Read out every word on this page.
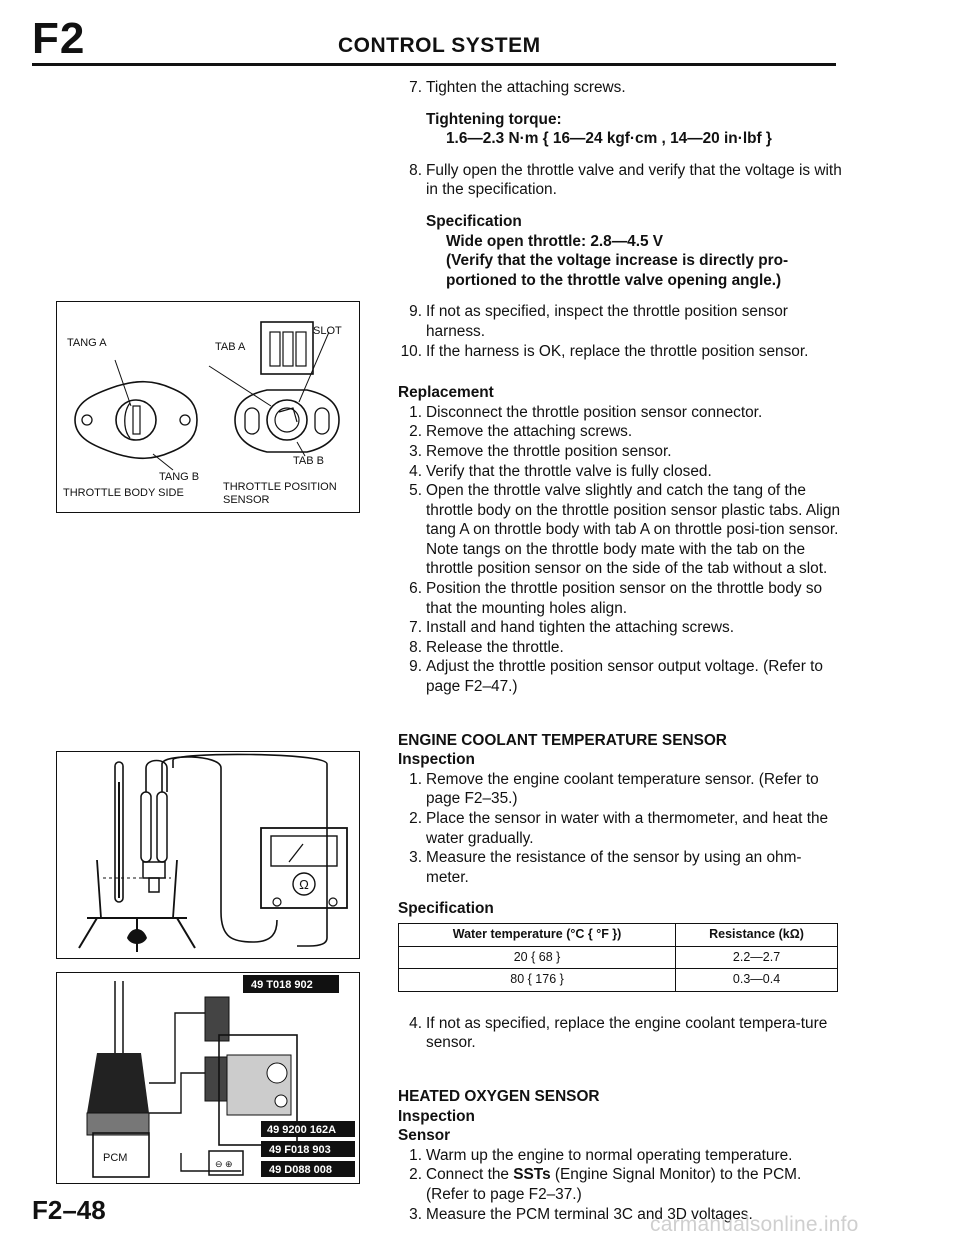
F2	CONTROL SYSTEM
TANG A	TAB A
SLOT
TANG B
TAB B
THROTTLE BODY SIDE	THROTTLE POSITION
SENSOR
Ω
PCM	⊖ ⊕
49 T018 902
49 9200 162A
49 F018 903
49 D088 008

7. Tighten the attaching screws.

Tightening torque:

1.6—2.3 N·m { 16—24 kgf·cm , 14—20 in·lbf }

8. Fully open the throttle valve and verify that the voltage is with in the specification.

Specification

Wide open throttle: 2.8—4.5 V

(Verify that the voltage increase is directly pro-

portioned to the throttle valve opening angle.)

9. If not as specified, inspect the throttle position sensor harness.

10. If the harness is OK, replace the throttle position sensor.

Replacement

1. Disconnect the throttle position sensor connector.

2. Remove the attaching screws.

3. Remove the throttle position sensor.

4. Verify that the throttle valve is fully closed.

5. Open the throttle valve slightly and catch the tang of the throttle body on the throttle position sensor plastic tabs. Align tang A on throttle body with tab A on throttle posi-tion sensor. Note tangs on the throttle body mate with the tab on the throttle position sensor on the side of the tab without a slot.

6. Position the throttle position sensor on the throttle body so that the mounting holes align.

7. Install and hand tighten the attaching screws.

8. Release the throttle.

9. Adjust the throttle position sensor output voltage. (Refer to page F2–47.)

ENGINE COOLANT TEMPERATURE SENSOR

Inspection

1. Remove the engine coolant temperature sensor. (Refer to page F2–35.)

2. Place the sensor in water with a thermometer, and heat the water gradually.

3. Measure the resistance of the sensor by using an ohm-meter.

Specification

Water temperature (°C { °F })	Resistance (kΩ)
20 { 68 }	2.2—2.7
80 { 176 }	0.3—0.4

4. If not as specified, replace the engine coolant tempera-ture sensor.

HEATED OXYGEN SENSOR

Inspection

Sensor

1. Warm up the engine to normal operating temperature.

2. Connect the SSTs (Engine Signal Monitor) to the PCM. (Refer to page F2–37.)

3. Measure the PCM terminal 3C and 3D voltages.

F2–48	carmanualsonline.info
